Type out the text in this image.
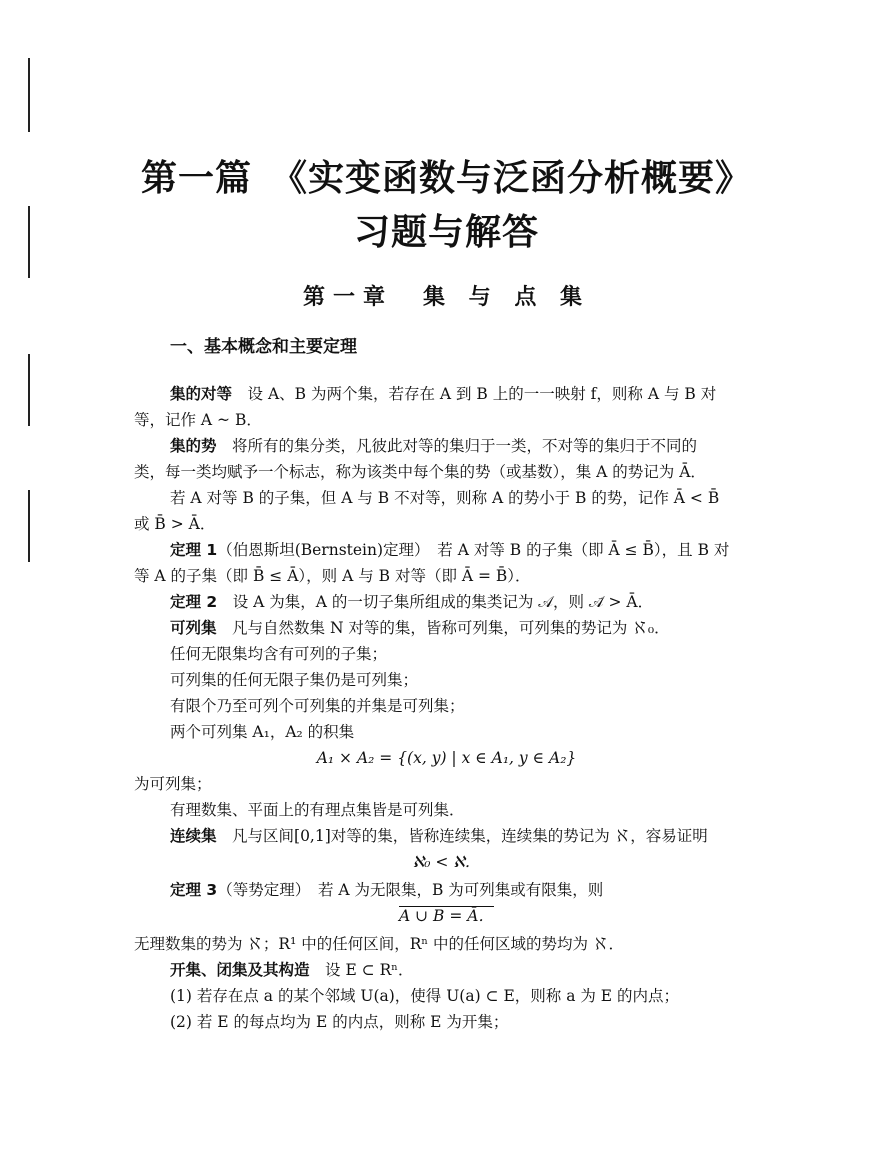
第一篇　《实变函数与泛函分析概要》
习题与解答
第一章　集 与 点 集
一、基本概念和主要定理
集的对等　设 A、B 为两个集，若存在 A 到 B 上的一一映射 f，则称 A 与 B 对
等，记作 A ~ B．
集的势　将所有的集分类，凡彼此对等的集归于一类，不对等的集归于不同的
类，每一类均赋予一个标志，称为该类中每个集的势（或基数），集 A 的势记为 Ā．
若 A 对等 B 的子集，但 A 与 B 不对等，则称 A 的势小于 B 的势，记作 Ā < B̄
或 B̄ > Ā．
定理 1（伯恩斯坦(Bernstein)定理）　若 A 对等 B 的子集（即 Ā ≤ B̄），且 B 对
等 A 的子集（即 B̄ ≤ Ā），则 A 与 B 对等（即 Ā = B̄）．
定理 2　设 A 为集，A 的一切子集所组成的集类记为 𝒜，则 𝒜̄ > Ā．
可列集　凡与自然数集 N 对等的集，皆称可列集，可列集的势记为 ℵ₀．
任何无限集均含有可列的子集；
可列集的任何无限子集仍是可列集；
有限个乃至可列个可列集的并集是可列集；
两个可列集 A₁，A₂ 的积集
A₁ × A₂ = {(x, y) | x ∈ A₁, y ∈ A₂}
为可列集；
有理数集、平面上的有理点集皆是可列集．
连续集　凡与区间[0,1]对等的集，皆称连续集，连续集的势记为 ℵ，容易证明
ℵ₀ < ℵ．
定理 3（等势定理）　若 A 为无限集，B 为可列集或有限集，则
A ∪ B = Ā．
无理数集的势为 ℵ；R¹ 中的任何区间，Rⁿ 中的任何区域的势均为 ℵ．
开集、闭集及其构造　设 E ⊂ Rⁿ．
(1) 若存在点 a 的某个邻域 U(a)，使得 U(a) ⊂ E，则称 a 为 E 的内点；
(2) 若 E 的每点均为 E 的内点，则称 E 为开集；
